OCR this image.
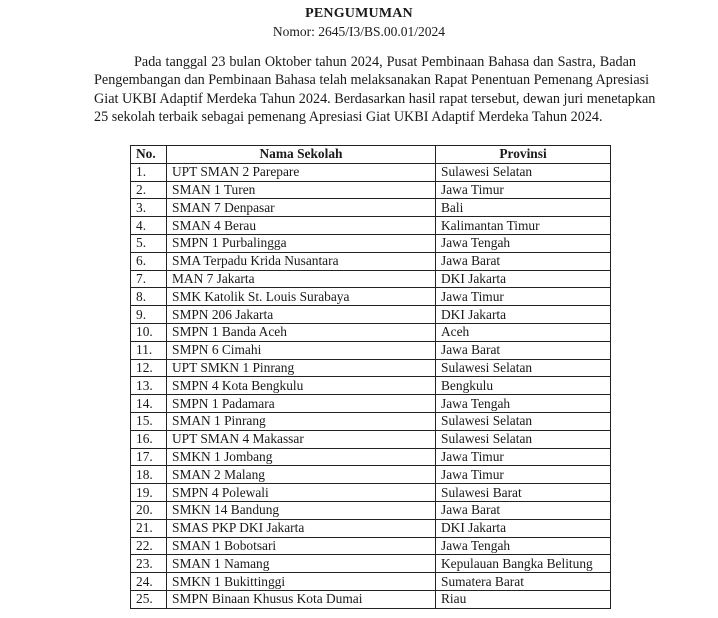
PENGUMUMAN
Nomor: 2645/I3/BS.00.01/2024
Pada tanggal 23 bulan Oktober tahun 2024, Pusat Pembinaan Bahasa dan Sastra, Badan
Pengembangan dan Pembinaan Bahasa telah melaksanakan Rapat Penentuan Pemenang Apresiasi
Giat UKBI Adaptif Merdeka Tahun 2024. Berdasarkan hasil rapat tersebut, dewan juri menetapkan
25 sekolah terbaik sebagai pemenang Apresiasi Giat UKBI Adaptif Merdeka Tahun 2024.
No.	Nama Sekolah	Provinsi
1.	UPT SMAN 2 Parepare	Sulawesi Selatan
2.	SMAN 1 Turen	Jawa Timur
3.	SMAN 7 Denpasar	Bali
4.	SMAN 4 Berau	Kalimantan Timur
5.	SMPN 1 Purbalingga	Jawa Tengah
6.	SMA Terpadu Krida Nusantara	Jawa Barat
7.	MAN 7 Jakarta	DKI Jakarta
8.	SMK Katolik St. Louis Surabaya	Jawa Timur
9.	SMPN 206 Jakarta	DKI Jakarta
10.	SMPN 1 Banda Aceh	Aceh
11.	SMPN 6 Cimahi	Jawa Barat
12.	UPT SMKN 1 Pinrang	Sulawesi Selatan
13.	SMPN 4 Kota Bengkulu	Bengkulu
14.	SMPN 1 Padamara	Jawa Tengah
15.	SMAN 1 Pinrang	Sulawesi Selatan
16.	UPT SMAN 4 Makassar	Sulawesi Selatan
17.	SMKN 1 Jombang	Jawa Timur
18.	SMAN 2 Malang	Jawa Timur
19.	SMPN 4 Polewali	Sulawesi Barat
20.	SMKN 14 Bandung	Jawa Barat
21.	SMAS PKP DKI Jakarta	DKI Jakarta
22.	SMAN 1 Bobotsari	Jawa Tengah
23.	SMAN 1 Namang	Kepulauan Bangka Belitung
24.	SMKN 1 Bukittinggi	Sumatera Barat
25.	SMPN Binaan Khusus Kota Dumai	Riau
